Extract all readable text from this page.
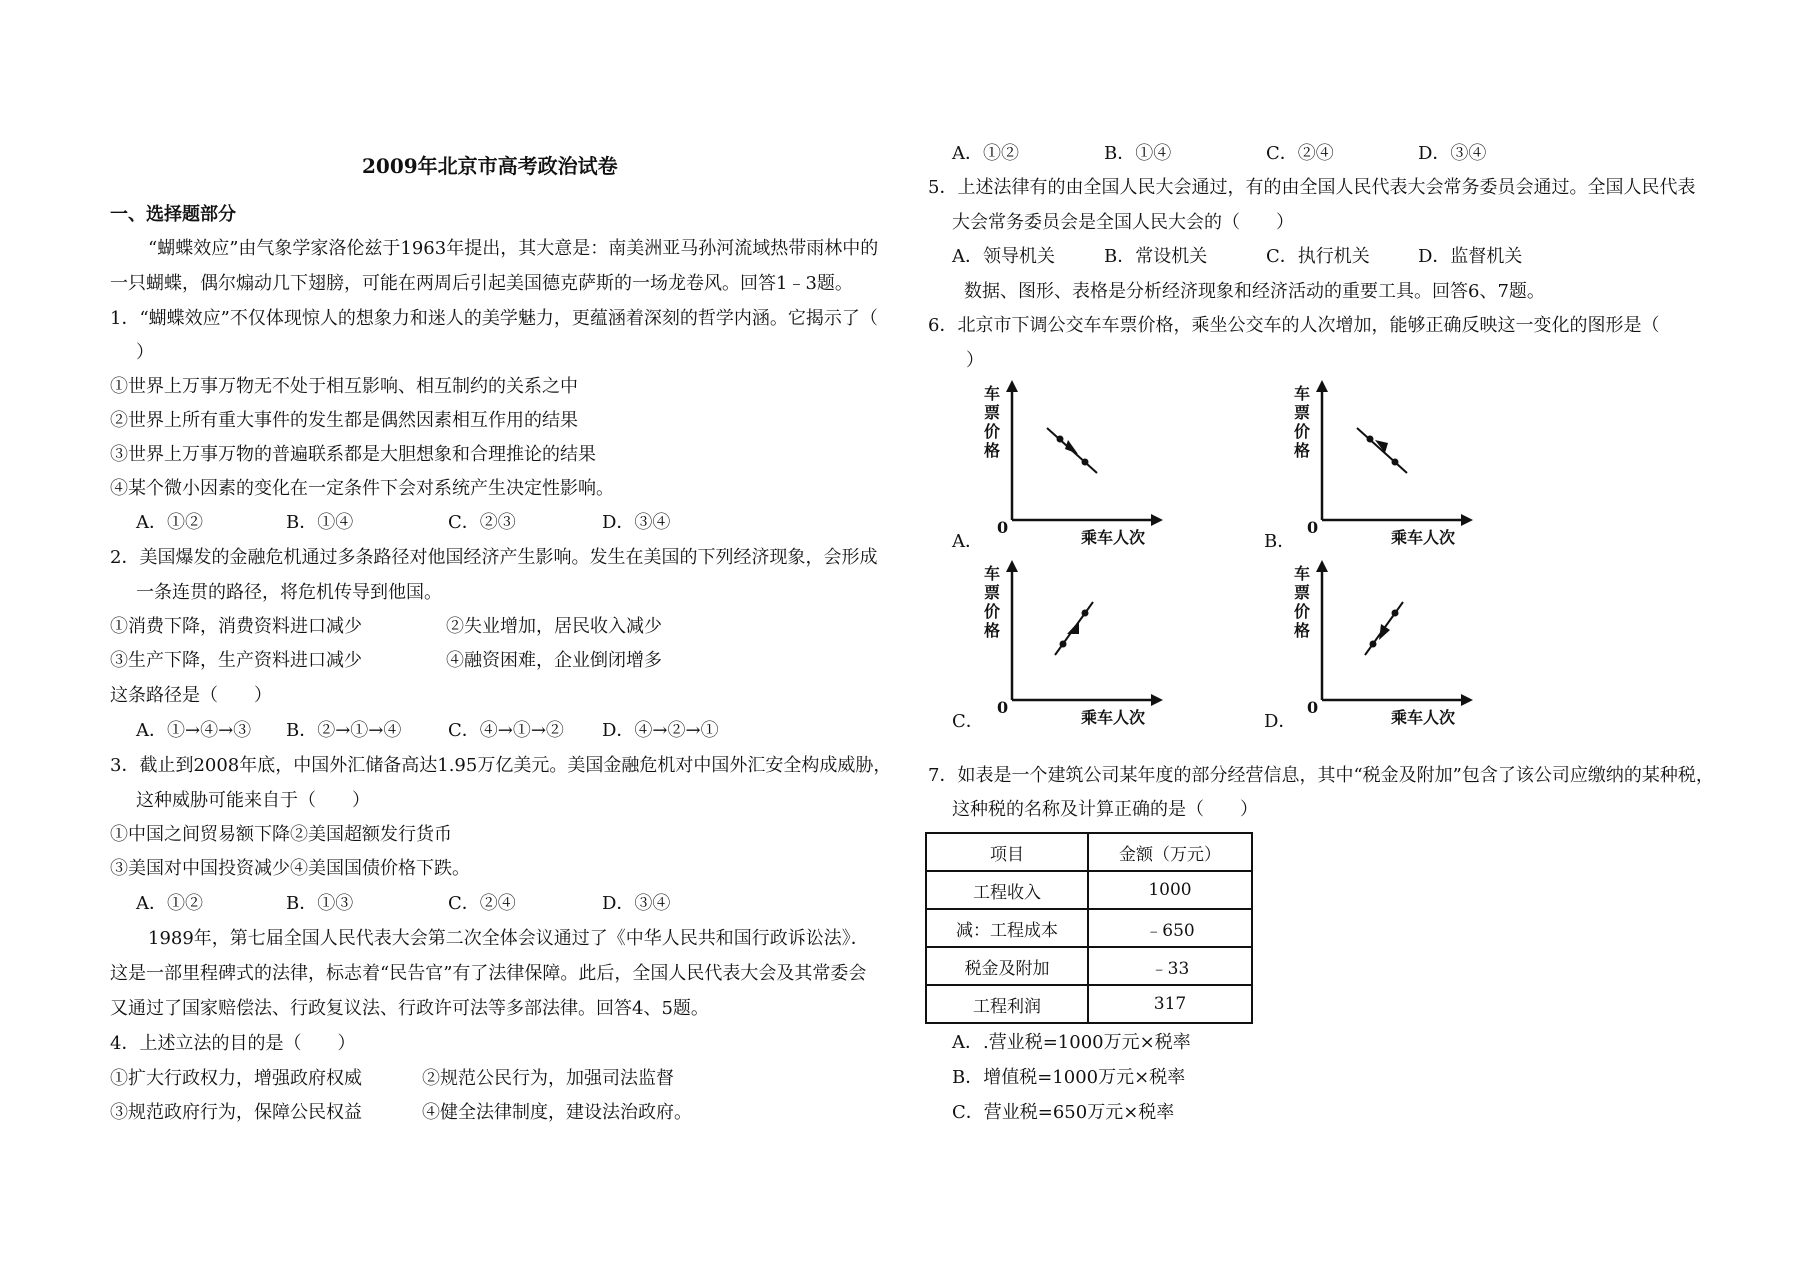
2009年北京市高考政治试卷
一、选择题部分
“蝴蝶效应”由气象学家洛伦兹于1963年提出，其大意是：南美洲亚马孙河流域热带雨林中的
一只蝴蝶，偶尔煽动几下翅膀，可能在两周后引起美国德克萨斯的一场龙卷风。回答1﹣3题。
1．“蝴蝶效应”不仅体现惊人的想象力和迷人的美学魅力，更蕴涵着深刻的哲学内涵。它揭示了（
）
①世界上万事万物无不处于相互影响、相互制约的关系之中
②世界上所有重大事件的发生都是偶然因素相互作用的结果
③世界上万事万物的普遍联系都是大胆想象和合理推论的结果
④某个微小因素的变化在一定条件下会对系统产生决定性影响。
A．①②	B．①④	C．②③	D．③④
2．美国爆发的金融危机通过多条路径对他国经济产生影响。发生在美国的下列经济现象，会形成
一条连贯的路径，将危机传导到他国。
①消费下降，消费资料进口减少	②失业增加，居民收入减少
③生产下降，生产资料进口减少	④融资困难，企业倒闭增多
这条路径是（　　）
A．①→④→③ B．②→①→④	C．④→①→② D．④→②→①
3．截止到2008年底，中国外汇储备高达1.95万亿美元。美国金融危机对中国外汇安全构成威胁，
这种威胁可能来自于（　　）
①中国之间贸易额下降②美国超额发行货币
③美国对中国投资减少④美国国债价格下跌。
A．①②	B．①③	C．②④	D．③④
1989年，第七届全国人民代表大会第二次全体会议通过了《中华人民共和国行政诉讼法》．
这是一部里程碑式的法律，标志着“民告官”有了法律保障。此后，全国人民代表大会及其常委会
又通过了国家赔偿法、行政复议法、行政许可法等多部法律。回答4、5题。
4．上述立法的目的是（　　）
①扩大行政权力，增强政府权威	②规范公民行为，加强司法监督
③规范政府行为，保障公民权益	④健全法律制度，建设法治政府。
A．①②	B．①④	C．②④	D．③④
5．上述法律有的由全国人民大会通过，有的由全国人民代表大会常务委员会通过。全国人民代表
大会常务委员会是全国人民大会的（　　）
A．领导机关	B．常设机关	C．执行机关	D．监督机关
数据、图形、表格是分析经济现象和经济活动的重要工具。回答6、7题。
6．北京市下调公交车车票价格，乘坐公交车的人次增加，能够正确反映这一变化的图形是（
）
车票价格
0
乘车人次
A．
车票价格
0
乘车人次
B．
车票价格
0
乘车人次
C．
车票价格
0
乘车人次
D．
7．如表是一个建筑公司某年度的部分经营信息，其中“税金及附加”包含了该公司应缴纳的某种税，
这种税的名称及计算正确的是（　　）
项目	金额（万元）
工程收入	1000
减：工程成本	﹣650
税金及附加	﹣33
工程利润	317
A．.营业税=1000万元×税率
B．增值税=1000万元×税率
C．营业税=650万元×税率
